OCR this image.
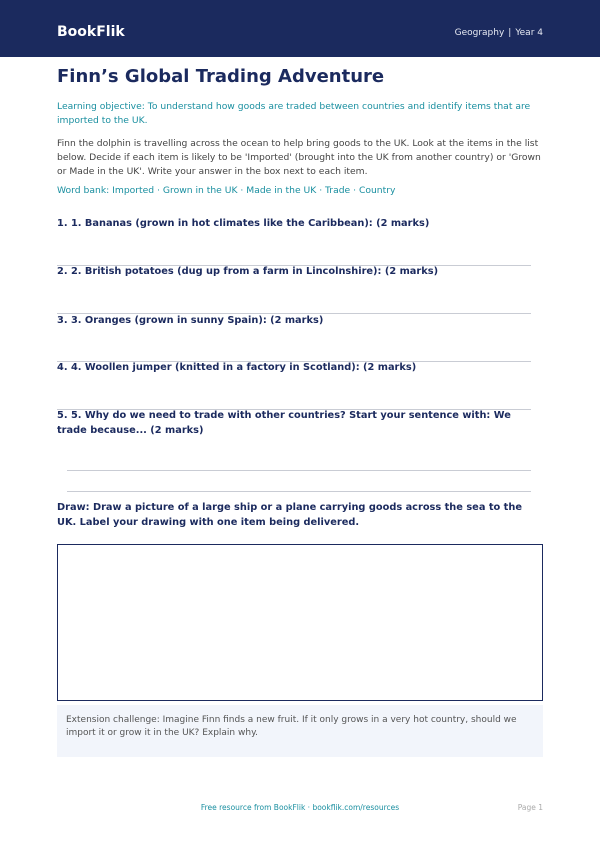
BookFlik	Geography | Year 4
Finn’s Global Trading Adventure
Learning objective: To understand how goods are traded between countries and identify items that are imported to the UK.
Finn the dolphin is travelling across the ocean to help bring goods to the UK. Look at the items in the list below. Decide if each item is likely to be 'Imported' (brought into the UK from another country) or 'Grown or Made in the UK'. Write your answer in the box next to each item.
Word bank: Imported · Grown in the UK · Made in the UK · Trade · Country
1. 1. Bananas (grown in hot climates like the Caribbean): (2 marks)
2. 2. British potatoes (dug up from a farm in Lincolnshire): (2 marks)
3. 3. Oranges (grown in sunny Spain): (2 marks)
4. 4. Woollen jumper (knitted in a factory in Scotland): (2 marks)
5. 5. Why do we need to trade with other countries? Start your sentence with: We trade because... (2 marks)
Draw: Draw a picture of a large ship or a plane carrying goods across the sea to the UK. Label your drawing with one item being delivered.
Extension challenge: Imagine Finn finds a new fruit. If it only grows in a very hot country, should we import it or grow it in the UK? Explain why.
Free resource from BookFlik · bookflik.com/resources	Page 1
